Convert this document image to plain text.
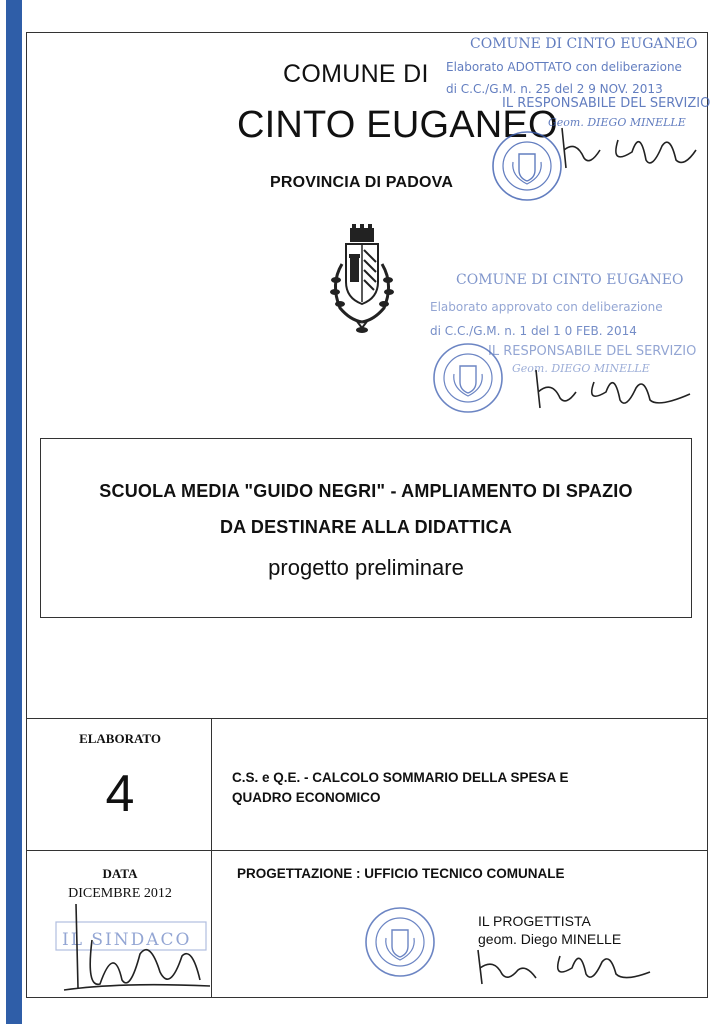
COMUNE DI
CINTO EUGANEO
PROVINCIA DI PADOVA
COMUNE DI CINTO EUGANEO
Elaborato ADOTTATO con deliberazione
di C.C./G.M. n. 25 del 2 9 NOV. 2013
IL RESPONSABILE DEL SERVIZIO
Geom. DIEGO MINELLE
COMUNE DI CINTO EUGANEO
Elaborato approvato con deliberazione
di C.C./G.M. n. 1 del 1 0 FEB. 2014
IL RESPONSABILE DEL SERVIZIO
Geom. DIEGO MINELLE
SCUOLA MEDIA "GUIDO NEGRI" - AMPLIAMENTO DI SPAZIO
DA DESTINARE ALLA DIDATTICA
progetto preliminare
ELABORATO
4	C.S. e Q.E. - CALCOLO SOMMARIO DELLA SPESA E
QUADRO ECONOMICO
DATA
DICEMBRE 2012
IL SINDACO
PROGETTAZIONE : UFFICIO TECNICO COMUNALE
IL PROGETTISTA
geom. Diego MINELLE
